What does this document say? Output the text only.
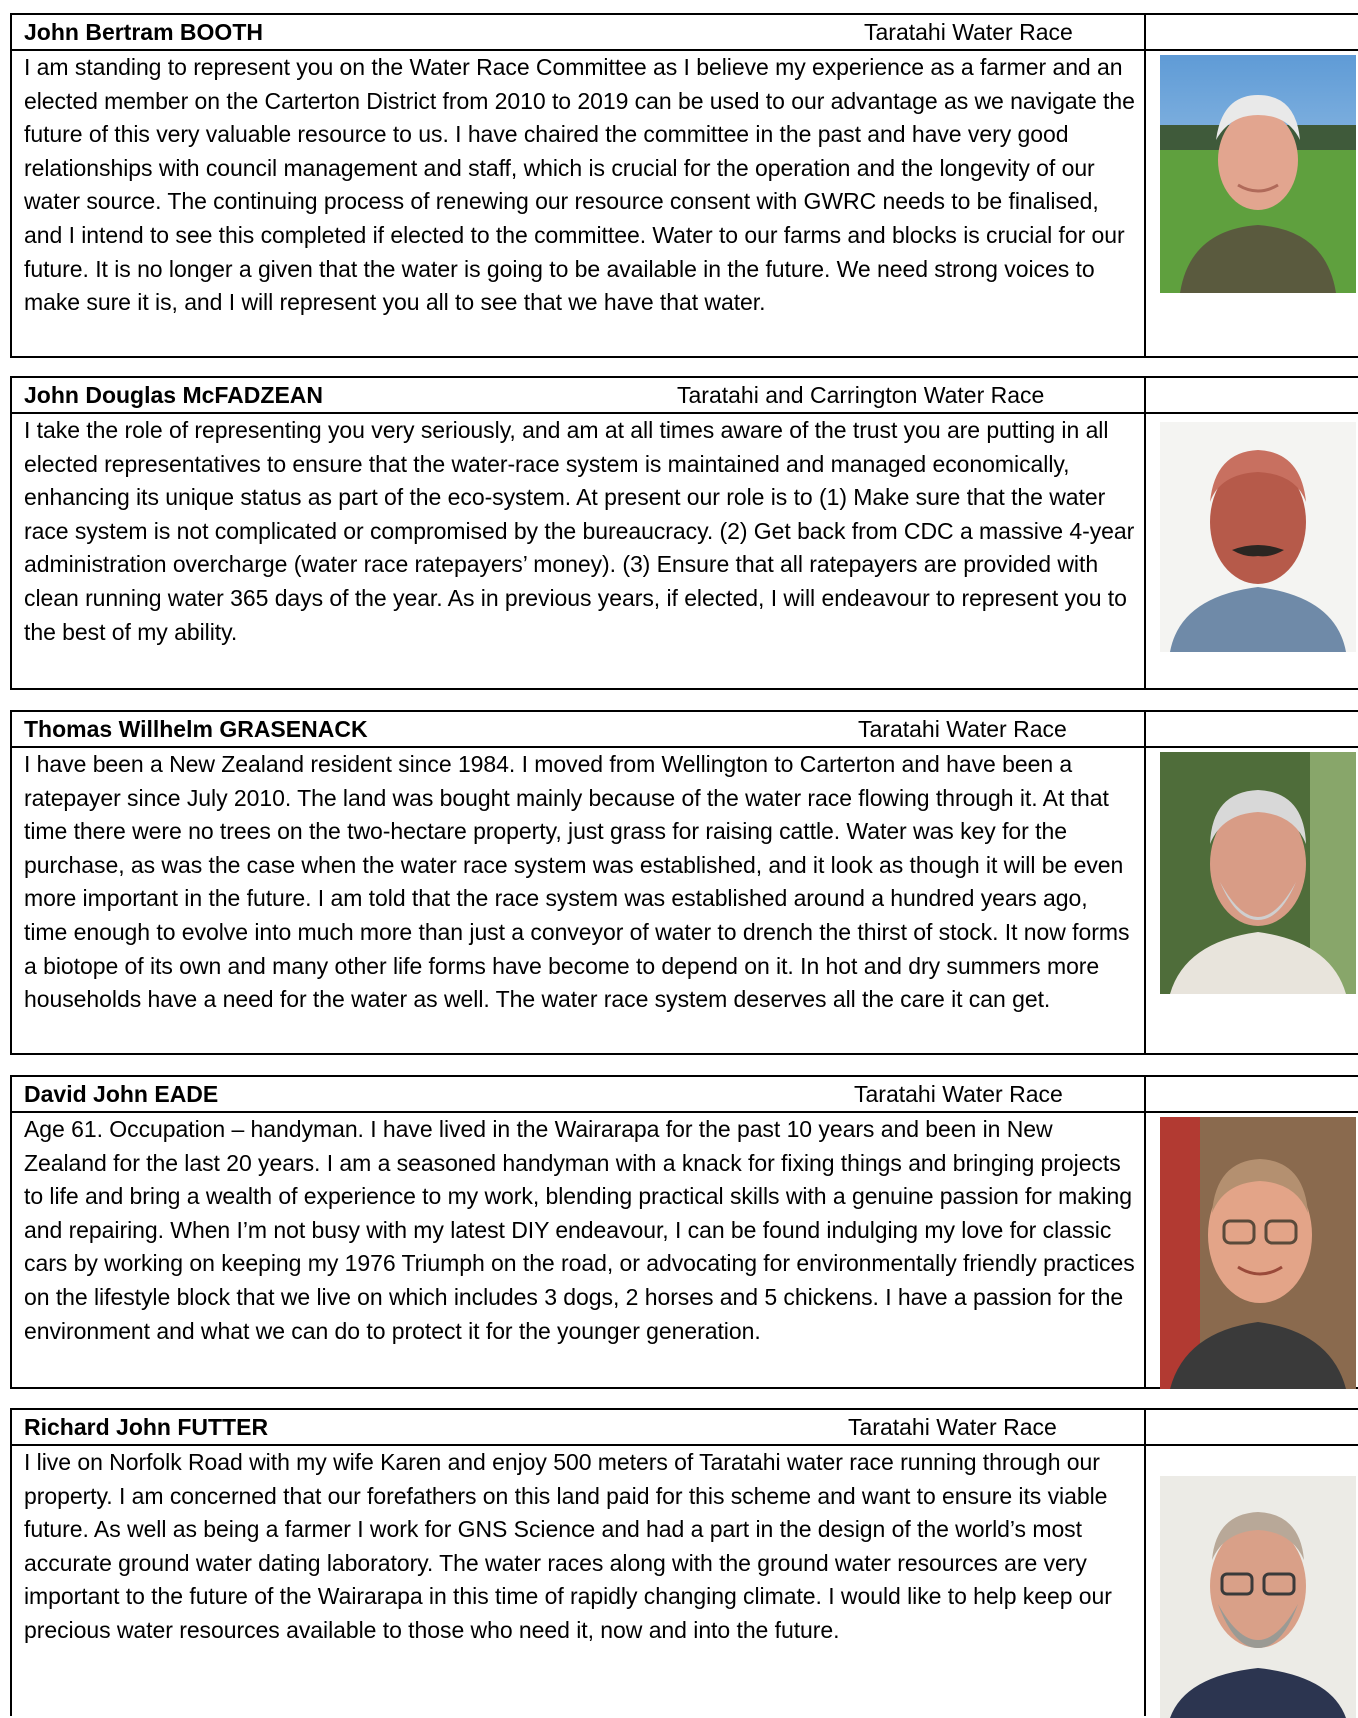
John Bertram BOOTH	Taratahi Water Race
I am standing to represent you on the Water Race Committee as I believe my experience as a farmer and an elected member on the Carterton District from 2010 to 2019 can be used to our advantage as we navigate the future of this very valuable resource to us. I have chaired the committee in the past and have very good relationships with council management and staff, which is crucial for the operation and the longevity of our water source. The continuing process of renewing our resource consent with GWRC needs to be finalised, and I intend to see this completed if elected to the committee. Water to our farms and blocks is crucial for our future. It is no longer a given that the water is going to be available in the future. We need strong voices to make sure it is, and I will represent you all to see that we have that water.
John Douglas McFADZEAN	Taratahi and Carrington Water Race
I take the role of representing you very seriously, and am at all times aware of the trust you are putting in all elected representatives to ensure that the water-race system is maintained and managed economically, enhancing its unique status as part of the eco-system. At present our role is to (1) Make sure that the water race system is not complicated or compromised by the bureaucracy. (2) Get back from CDC a massive 4-year administration overcharge (water race ratepayers’ money). (3) Ensure that all ratepayers are provided with clean running water 365 days of the year. As in previous years, if elected, I will endeavour to represent you to the best of my ability.
Thomas Willhelm GRASENACK	Taratahi Water Race
I have been a New Zealand resident since 1984. I moved from Wellington to Carterton and have been a ratepayer since July 2010. The land was bought mainly because of the water race flowing through it. At that time there were no trees on the two-hectare property, just grass for raising cattle. Water was key for the purchase, as was the case when the water race system was established, and it look as though it will be even more important in the future. I am told that the race system was established around a hundred years ago, time enough to evolve into much more than just a conveyor of water to drench the thirst of stock. It now forms a biotope of its own and many other life forms have become to depend on it. In hot and dry summers more households have a need for the water as well. The water race system deserves all the care it can get.
David John EADE	Taratahi Water Race
Age 61. Occupation – handyman. I have lived in the Wairarapa for the past 10 years and been in New Zealand for the last 20 years. I am a seasoned handyman with a knack for fixing things and bringing projects to life and bring a wealth of experience to my work, blending practical skills with a genuine passion for making and repairing. When I’m not busy with my latest DIY endeavour, I can be found indulging my love for classic cars by working on keeping my 1976 Triumph on the road, or advocating for environmentally friendly practices on the lifestyle block that we live on which includes 3 dogs, 2 horses and 5 chickens. I have a passion for the environment and what we can do to protect it for the younger generation.
Richard John FUTTER	Taratahi Water Race
I live on Norfolk Road with my wife Karen and enjoy 500 meters of Taratahi water race running through our property. I am concerned that our forefathers on this land paid for this scheme and want to ensure its viable future. As well as being a farmer I work for GNS Science and had a part in the design of the world’s most accurate ground water dating laboratory. The water races along with the ground water resources are very important to the future of the Wairarapa in this time of rapidly changing climate. I would like to help keep our precious water resources available to those who need it, now and into the future.
